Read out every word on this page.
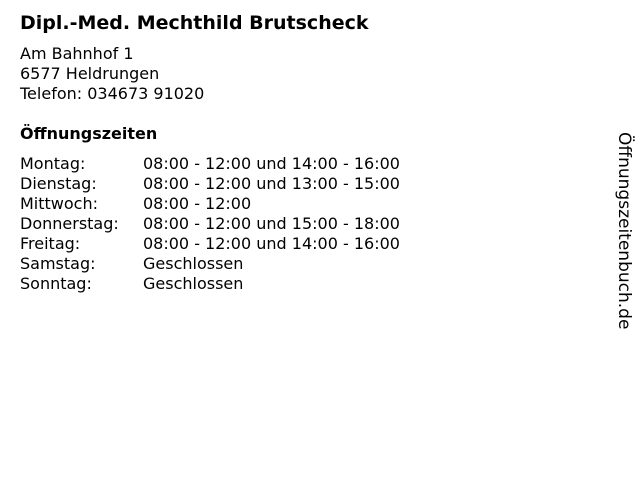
Dipl.-Med. Mechthild Brutscheck
Am Bahnhof 1
6577 Heldrungen
Telefon: 034673 91020
Öffnungszeiten
Montag:	08:00 - 12:00 und 14:00 - 16:00
Dienstag:	08:00 - 12:00 und 13:00 - 15:00
Mittwoch:	08:00 - 12:00
Donnerstag:	08:00 - 12:00 und 15:00 - 18:00
Freitag:	08:00 - 12:00 und 14:00 - 16:00
Samstag:	Geschlossen
Sonntag:	Geschlossen	Öffnungszeitenbuch.de
